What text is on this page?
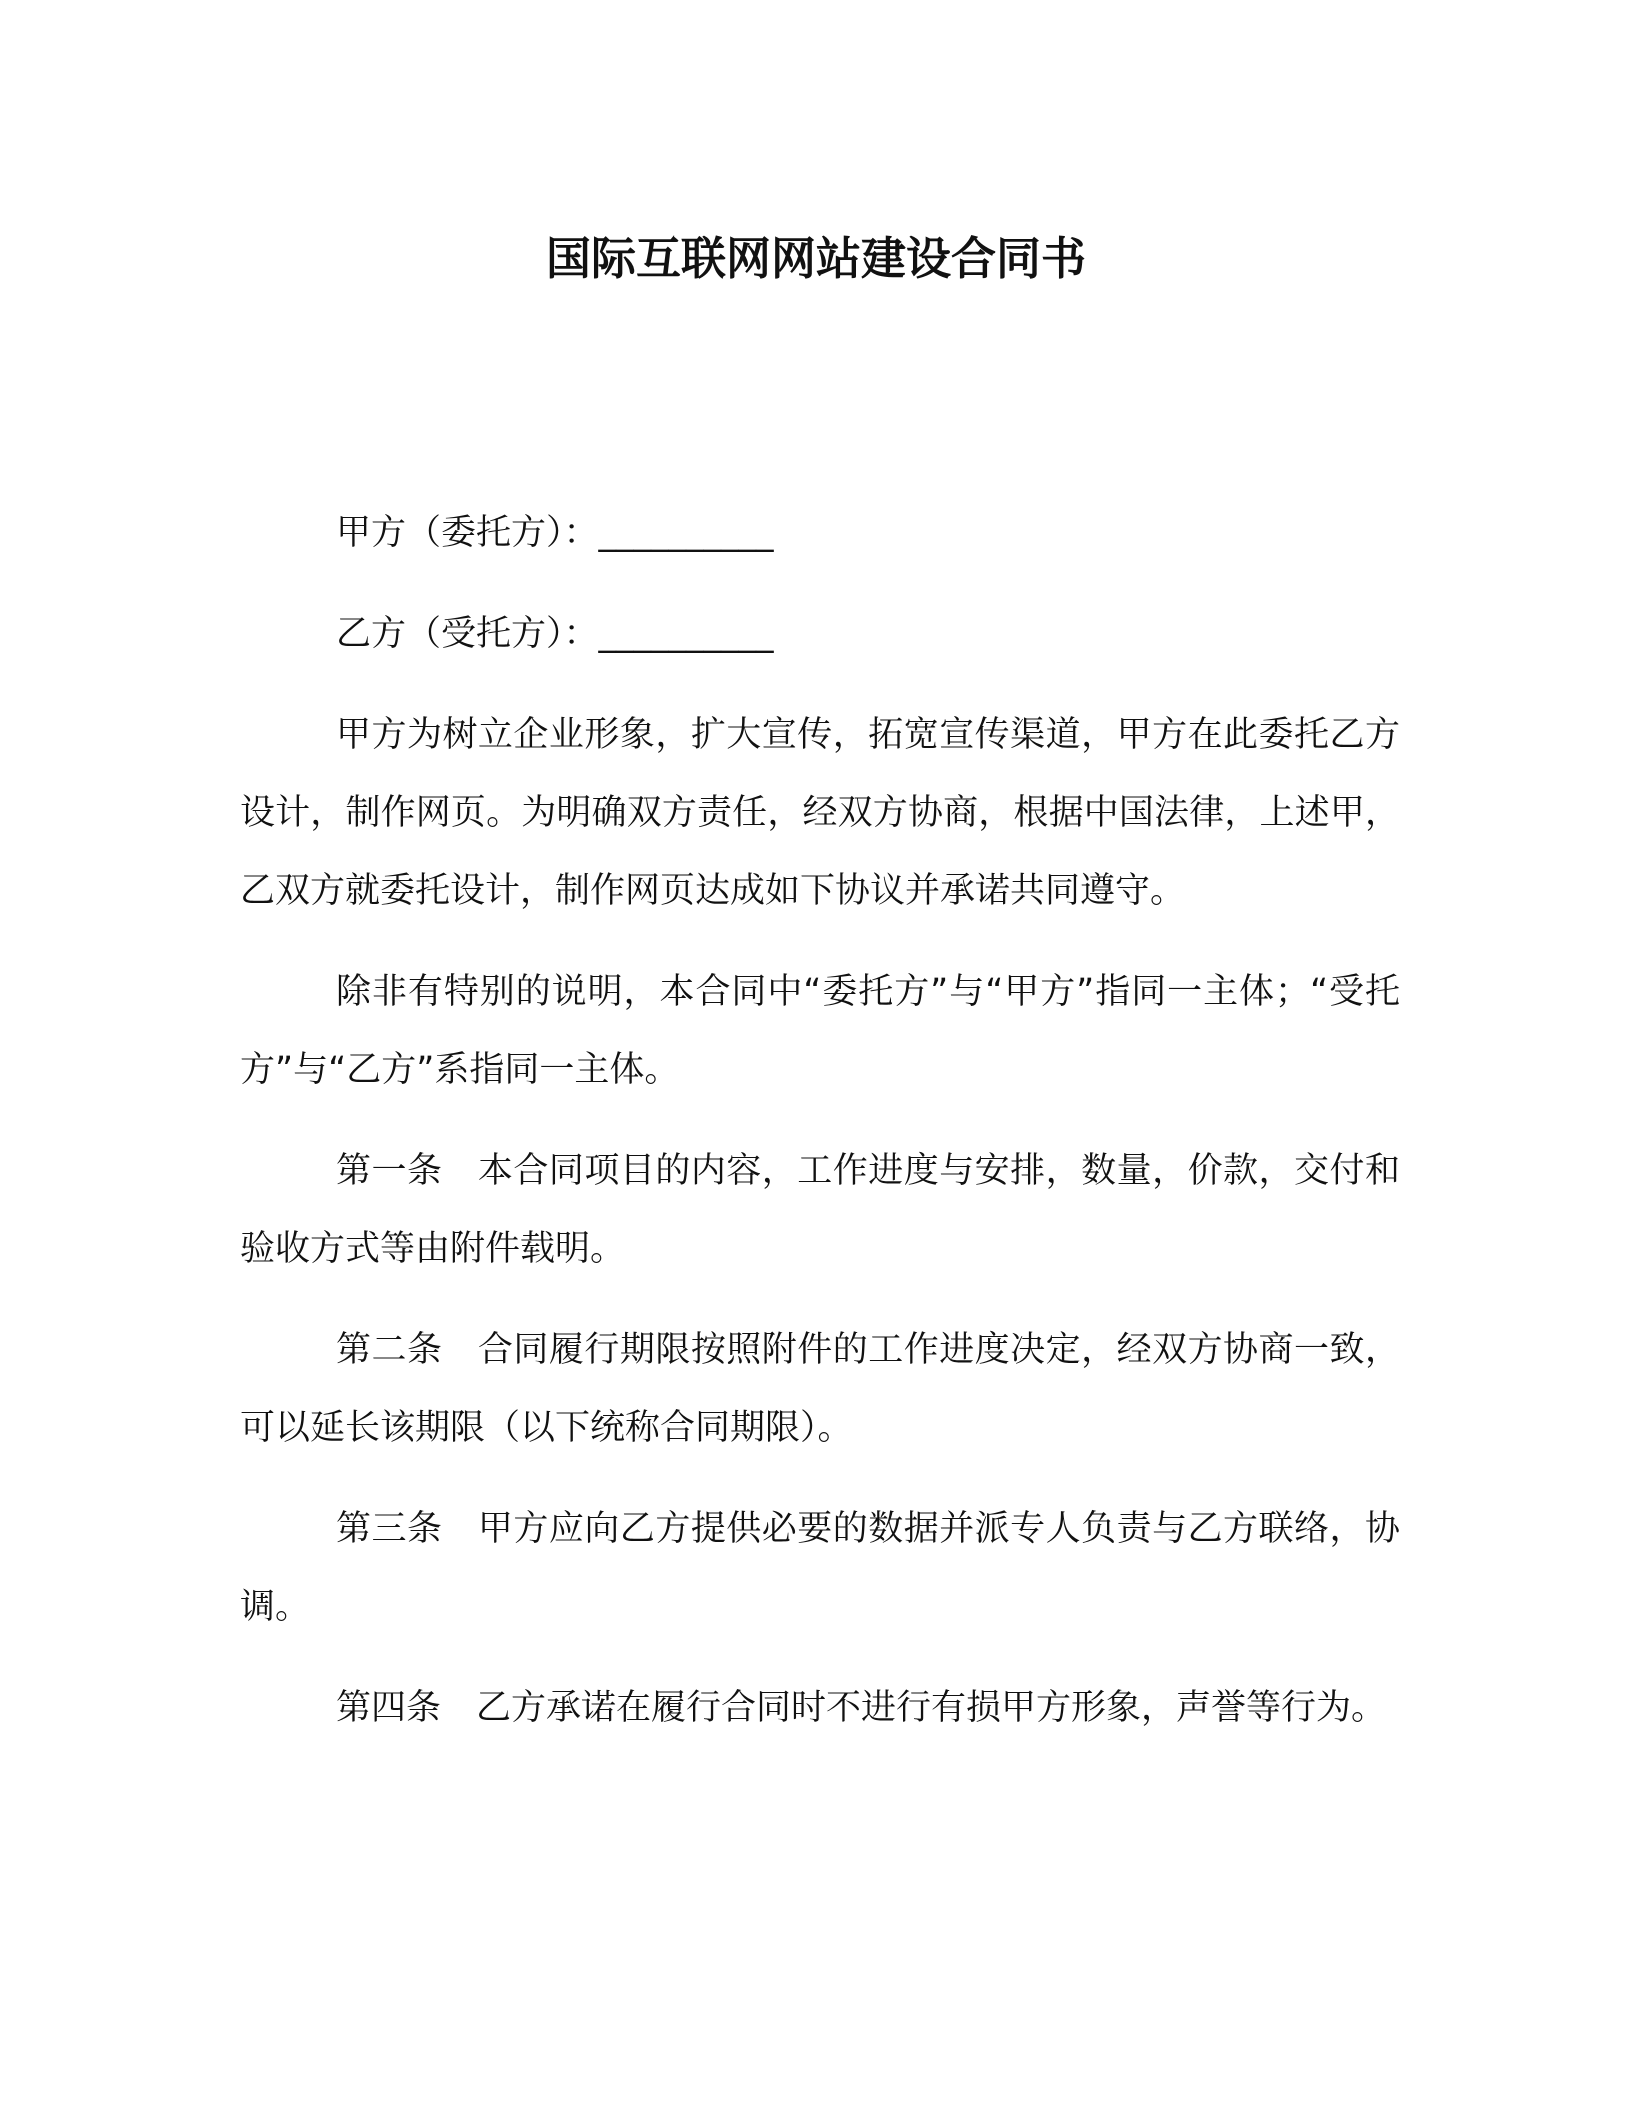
国际互联网网站建设合同书

甲方（委托方）：__________

乙方（受托方）：__________

甲方为树立企业形象，扩大宣传，拓宽宣传渠道，甲方在此委托乙方设计，制作网页。为明确双方责任，经双方协商，根据中国法律，上述甲，乙双方就委托设计，制作网页达成如下协议并承诺共同遵守。

除非有特别的说明，本合同中“委托方”与“甲方”指同一主体；“受托方”与“乙方”系指同一主体。

第一条　本合同项目的内容，工作进度与安排，数量，价款，交付和验收方式等由附件载明。

第二条　合同履行期限按照附件的工作进度决定，经双方协商一致，可以延长该期限（以下统称合同期限）。

第三条　甲方应向乙方提供必要的数据并派专人负责与乙方联络，协调。

第四条　乙方承诺在履行合同时不进行有损甲方形象，声誉等行为。
